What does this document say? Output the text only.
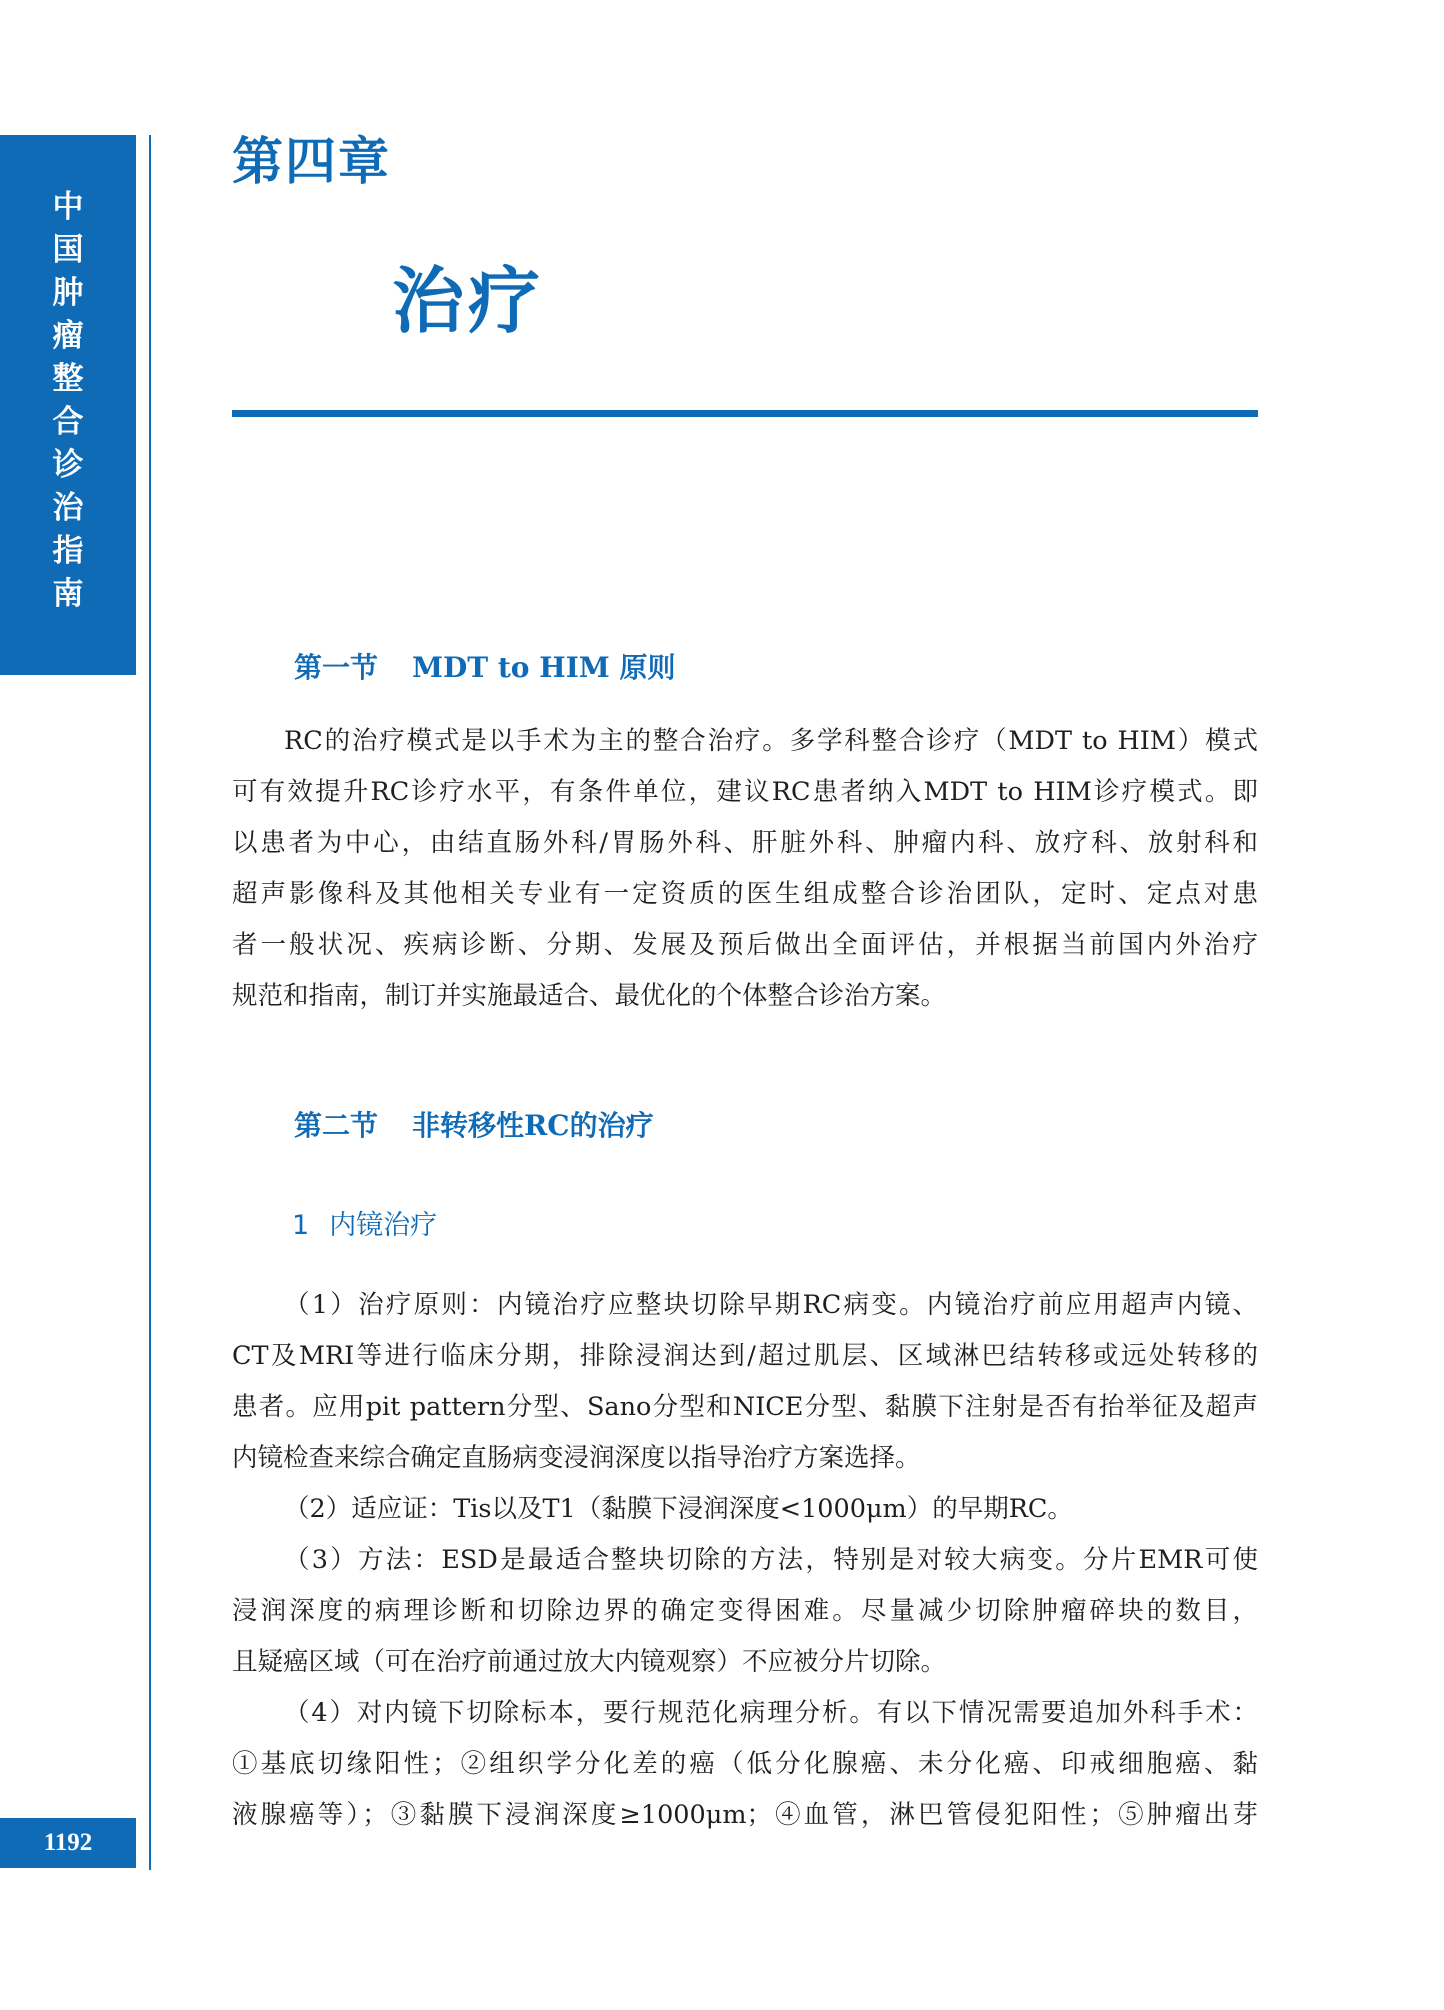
中
国
肿
瘤
整
合
诊
治
指
南
1192
第四章
治疗
第一节 MDT to HIM 原则
RC的治疗模式是以手术为主的整合治疗。多学科整合诊疗（MDT to HIM）模式
可有效提升RC诊疗水平，有条件单位，建议RC患者纳入MDT to HIM诊疗模式。即
以患者为中心，由结直肠外科/胃肠外科、肝脏外科、肿瘤内科、放疗科、放射科和
超声影像科及其他相关专业有一定资质的医生组成整合诊治团队，定时、定点对患
者一般状况、疾病诊断、分期、发展及预后做出全面评估，并根据当前国内外治疗
规范和指南，制订并实施最适合、最优化的个体整合诊治方案。
第二节 非转移性RC的治疗
1 内镜治疗
（1）治疗原则：内镜治疗应整块切除早期RC病变。内镜治疗前应用超声内镜、
CT及MRI等进行临床分期，排除浸润达到/超过肌层、区域淋巴结转移或远处转移的
患者。应用pit pattern分型、Sano分型和NICE分型、黏膜下注射是否有抬举征及超声
内镜检查来综合确定直肠病变浸润深度以指导治疗方案选择。
（2）适应证：Tis以及T1（黏膜下浸润深度<1000μm）的早期RC。
（3）方法：ESD是最适合整块切除的方法，特别是对较大病变。分片EMR可使
浸润深度的病理诊断和切除边界的确定变得困难。尽量减少切除肿瘤碎块的数目，
且疑癌区域（可在治疗前通过放大内镜观察）不应被分片切除。
（4）对内镜下切除标本，要行规范化病理分析。有以下情况需要追加外科手术：
①基底切缘阳性；②组织学分化差的癌（低分化腺癌、未分化癌、印戒细胞癌、黏
液腺癌等）；③黏膜下浸润深度≥1000μm；④血管，淋巴管侵犯阳性；⑤肿瘤出芽
